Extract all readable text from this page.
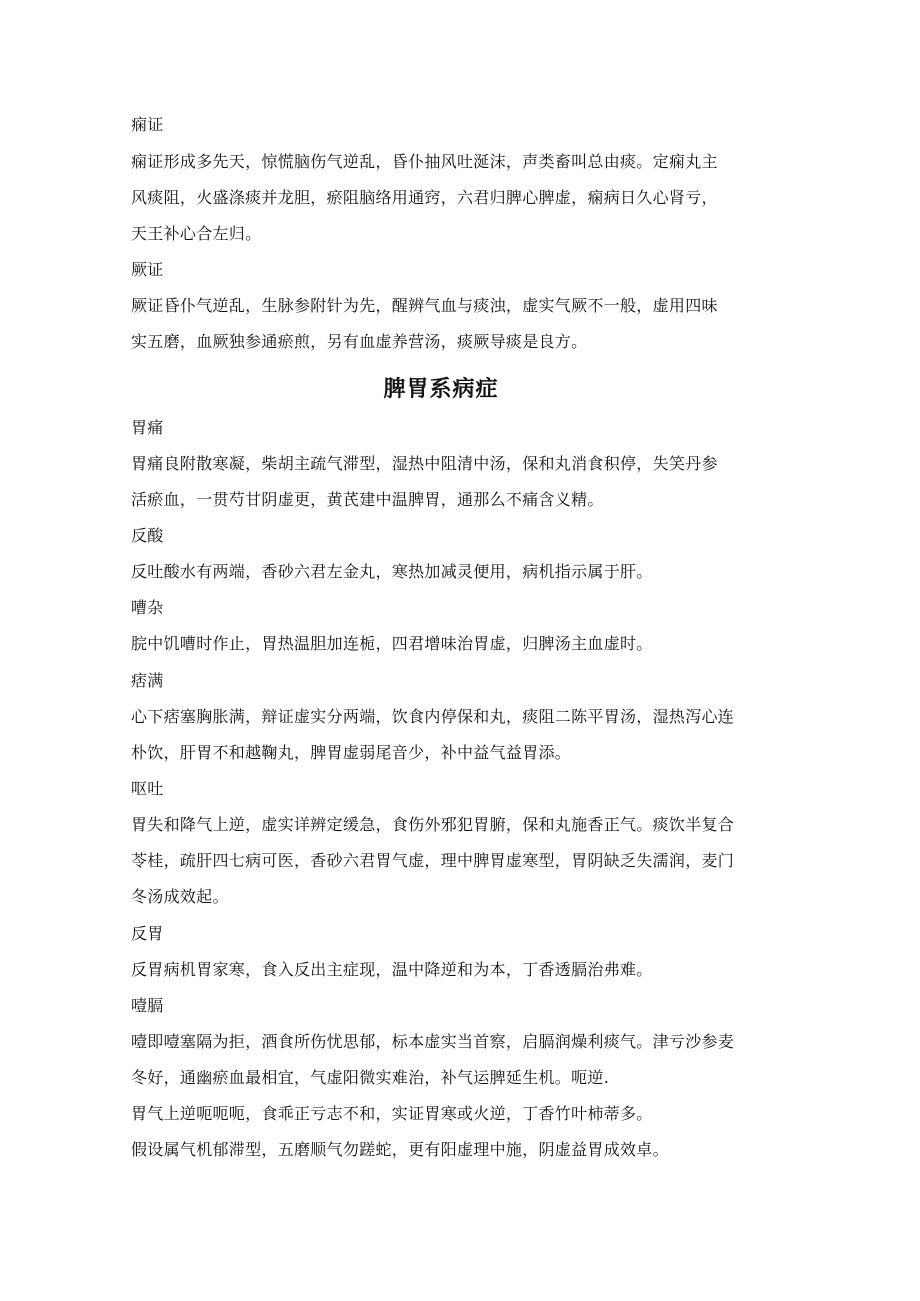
痫证

痫证形成多先天，惊慌脑伤气逆乱，昏仆抽风吐涎沫，声类畜叫总由痰。定痫丸主

风痰阻，火盛涤痰并龙胆，瘀阻脑络用通窍，六君归脾心脾虚，痫病日久心肾亏，

天王补心合左归。

厥证

厥证昏仆气逆乱，生脉参附针为先，醒辨气血与痰浊，虚实气厥不一般，虚用四味

实五磨，血厥独参通瘀煎，另有血虚养营汤，痰厥导痰是良方。

脾胃系病症

胃痛

胃痛良附散寒凝，柴胡主疏气滞型，湿热中阻清中汤，保和丸消食积停，失笑丹参

活瘀血，一贯芍甘阴虚更，黄芪建中温脾胃，通那么不痛含义精。

反酸

反吐酸水有两端，香砂六君左金丸，寒热加减灵便用，病机指示属于肝。

嘈杂

脘中饥嘈时作止，胃热温胆加连栀，四君增味治胃虚，归脾汤主血虚时。

痞满

心下痞塞胸胀满，辩证虚实分两端，饮食内停保和丸，痰阻二陈平胃汤，湿热泻心连

朴饮，肝胃不和越鞠丸，脾胃虚弱尾音少，补中益气益胃添。

呕吐

胃失和降气上逆，虚实详辨定缓急，食伤外邪犯胃腑，保和丸施香正气。痰饮半复合

苓桂，疏肝四七病可医，香砂六君胃气虚，理中脾胃虚寒型，胃阴缺乏失濡润，麦门

冬汤成效起。

反胃

反胃病机胃家寒，食入反出主症现，温中降逆和为本，丁香透膈治弗难。

噎膈

噎即噎塞隔为拒，酒食所伤忧思郁，标本虚实当首察，启膈润燥利痰气。津亏沙参麦

冬好，通幽瘀血最相宜，气虚阳微实难治，补气运脾延生机。呃逆.

胃气上逆呃呃呃，食乖正亏志不和，实证胃寒或火逆，丁香竹叶柿蒂多。

假设属气机郁滞型，五磨顺气勿蹉蛇，更有阳虚理中施，阴虚益胃成效卓。
